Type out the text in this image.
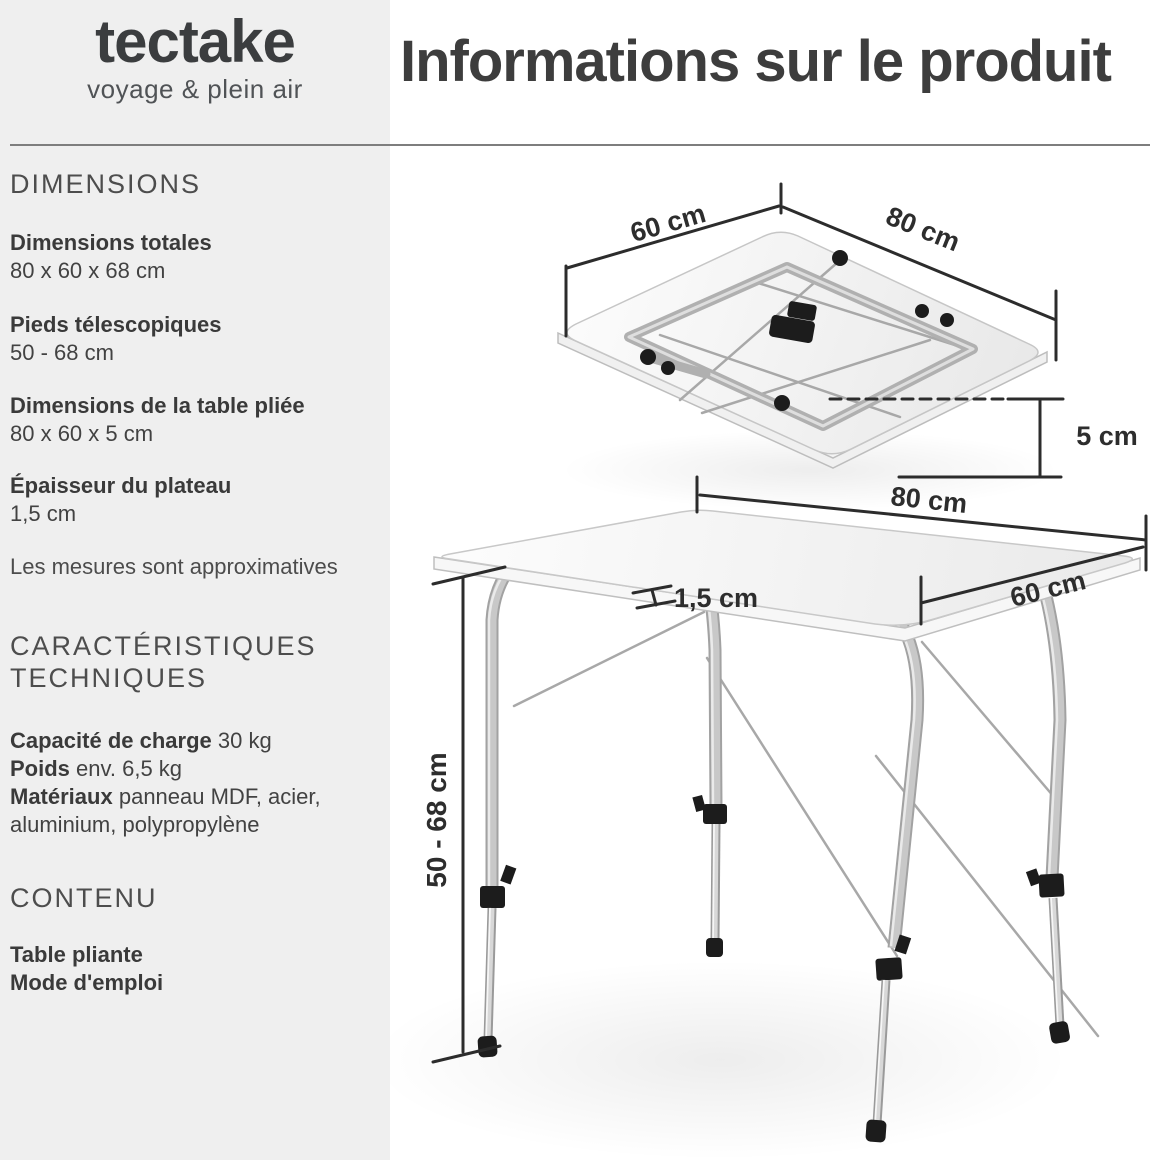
tectake
voyage & plein air
DIMENSIONS
Dimensions totales
80 x 60 x 68 cm
Pieds télescopiques
50 - 68 cm
Dimensions de la table pliée
80 x 60 x 5 cm
Épaisseur du plateau
1,5 cm
Les mesures sont approximatives
CARACTÉRISTIQUES TECHNIQUES
Capacité de charge 30 kg
Poids env. 6,5 kg
Matériaux panneau MDF, acier, aluminium, polypropylène
CONTENU
Table pliante
Mode d'emploi
Informations sur le produit
60 cm	80 cm
5 cm
80 cm
60 cm
1,5 cm
50 - 68 cm
